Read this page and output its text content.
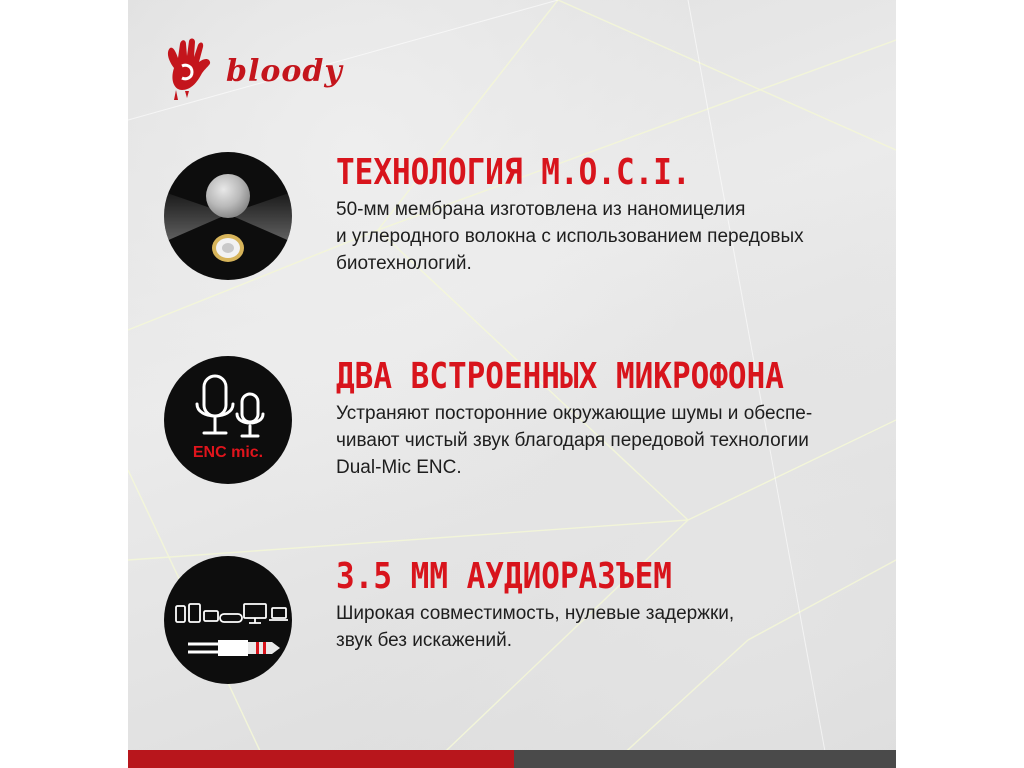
bloody
ТЕХНОЛОГИЯ M.O.C.I.

50-мм мембрана изготовлена из наномицелия
и углеродного волокна с использованием передовых
биотехнологий.

ENC mic.
ДВА ВСТРОЕННЫХ МИКРОФОНА

Устраняют посторонние окружающие шумы и обеспе-
чивают чистый звук благодаря передовой технологии
Dual-Mic ENC.

3.5 ММ АУДИОРАЗЪЕМ

Широкая совместимость, нулевые задержки,
звук без искажений.
